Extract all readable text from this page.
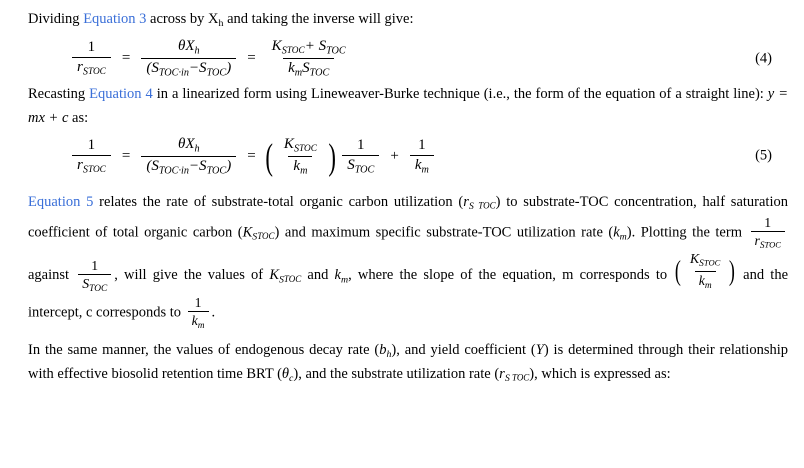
Dividing Equation 3 across by $X_h$ and taking the inverse will give:

$\frac{1}{r_{STOC}} = \frac{\theta X_h}{(S_{TOC\cdot in}-S_{TOC})} = \frac{K_{STOC}+ S_{TOC}}{k_mS_{TOC}}$	(4)

Recasting Equation 4 in a linearized form using Lineweaver-Burke technique (i.e., the form of the equation of a straight line): y = mx + c as:

$\frac{1}{r_{STOC}} = \frac{\theta X_h}{(S_{TOC\cdot in}-S_{TOC})}$ = ( $\frac{K_{STOC}}{k_m}$ ) $\frac{1}{S_{TOC}} + \frac{1}{k_m}$	(5)

Equation 5 relates the rate of substrate-total organic carbon utilization ($r_S$ $_{TOC}$) to substrate-TOC concentration, half saturation coefficient of total organic carbon $(K_{STOC})$ and maximum specific substrate-TOC utilization rate $(k_m)$. Plotting the term $\frac{1}{r_{STOC}}$
against $\frac{1}{S_{TOC}}$ , will give the values of $K_{STOC}$ and $k_m$, where the slope of the equation, m corresponds to ( $\frac{K_{STOC}}{k_m}$ ) and the intercept, c corresponds to $\frac{1}{k_m}$ .

In the same manner, the values of endogenous decay rate $(b_h)$, and yield coefficient (Y) is determined through their relationship with effective biosolid retention time BRT $(\theta_c)$, and the substrate utilization rate ($r_S$ $_{TOC}$), which is expressed as:
